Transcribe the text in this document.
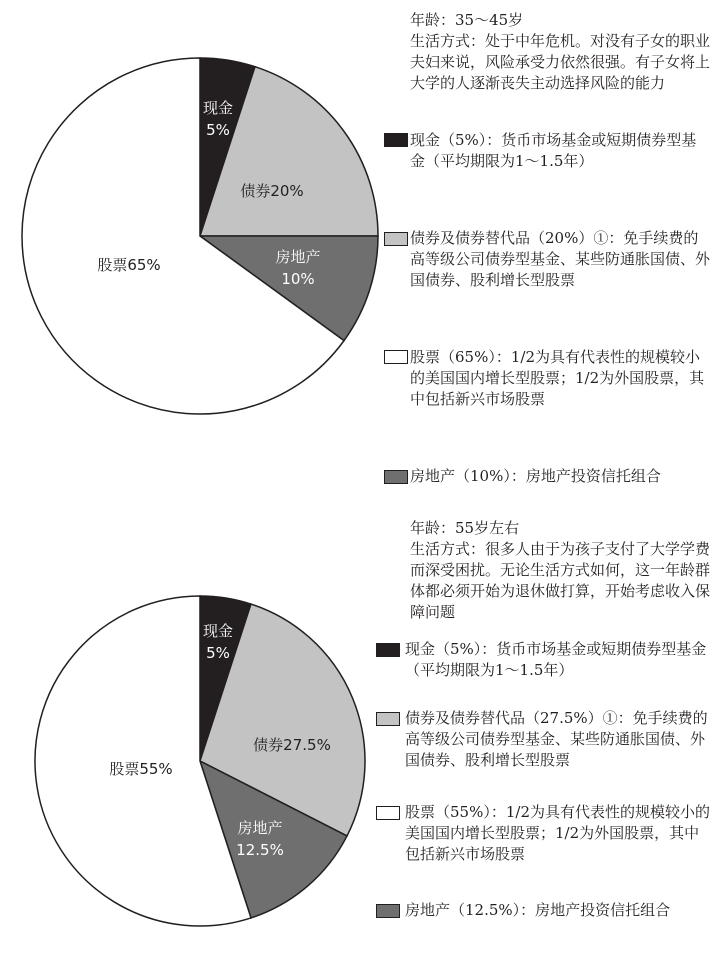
现金 5%
债券20%
房地产 10%
股票65%
年龄：35～45岁
生活方式：处于中年危机。对没有子女的职业夫妇来说，风险承受力依然很强。有子女将上大学的人逐渐丧失主动选择风险的能力
现金（5%）：货币市场基金或短期债券型基金（平均期限为1～1.5年）
债券及债券替代品（20%）①：免手续费的高等级公司债券型基金、某些防通胀国债、外国债券、股利增长型股票
股票（65%）：1/2为具有代表性的规模较小的美国国内增长型股票；1/2为外国股票，其中包括新兴市场股票
房地产（10%）：房地产投资信托组合
现金 5%
债券27.5%
房地产 12.5%
股票55%
年龄：55岁左右
生活方式：很多人由于为孩子支付了大学学费而深受困扰。无论生活方式如何，这一年龄群体都必须开始为退休做打算，开始考虑收入保障问题
现金（5%）：货币市场基金或短期债券型基金（平均期限为1～1.5年）
债券及债券替代品（27.5%）①：免手续费的高等级公司债券型基金、某些防通胀国债、外国债券、股利增长型股票
股票（55%）：1/2为具有代表性的规模较小的美国国内增长型股票；1/2为外国股票，其中包括新兴市场股票
房地产（12.5%）：房地产投资信托组合
